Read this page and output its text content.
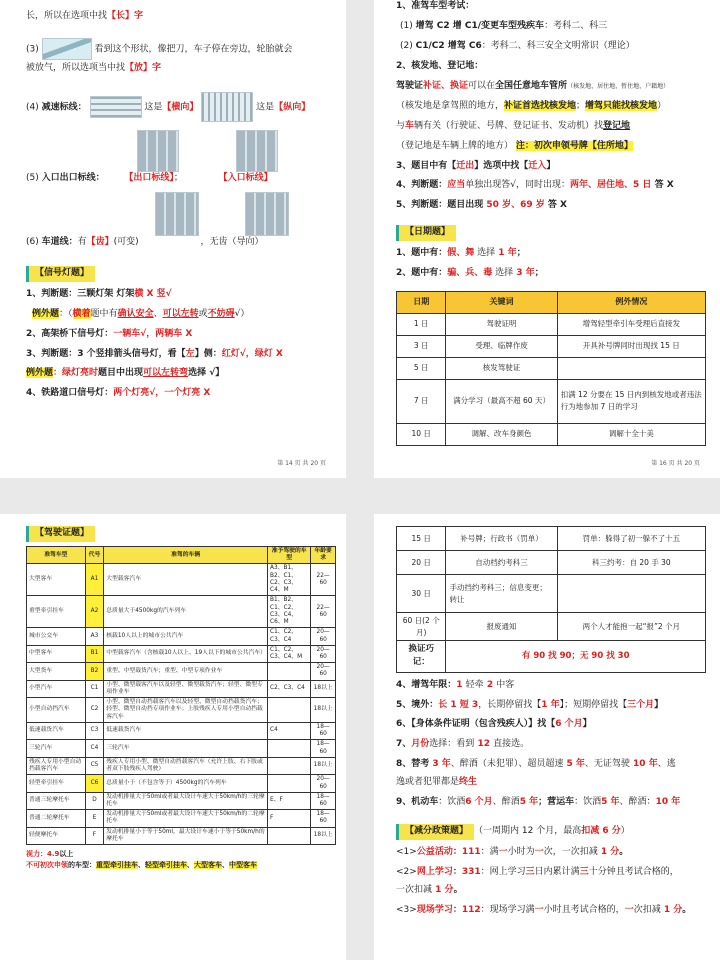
长，所以在选项中找【长】字
(3)	看到这个形状，像把刀，车子停在旁边，轮胎就会
被放气，所以选项当中找【放】字
(4) 减速标线：	这是【横向】	这是【纵向】

(5) 入口出口标线： 【出口标线】；	【入口标线】

(6) 车道线：有【齿】(可变)	，无齿（导向）
【信号灯题】
1、判断题：三颗灯架 灯架横 X 竖√
例外题：（横着题中有确认安全、可以左转或不妨碍√）
2、高架桥下信号灯：一辆车√，两辆车 X
3、判断题：3 个竖排箭头信号灯，看【左】侧：红灯√，绿灯 X
例外题：绿灯亮时题目中出现可以左转弯选择 √】
4、铁路道口信号灯：两个灯亮√，一个灯亮 X
第 14 页 共 20 页
1、准驾车型考试：
(1) 增驾 C2 增 C1/变更车型残疾车：考科二、科三
(2) C1/C2 增驾 C6：考科二、科三安全文明常识（理论）
2、核发地、登记地：
驾驶证补证、换证可以在全国任意地车管所（核发地、居住地、暂住地、户籍地）
（核发地是拿驾照的地方，补证首选找核发地；增驾只能找核发地）
与车辆有关（行驶证、号牌、登记证书、发动机）找登记地
（登记地是车辆上牌的地方） 注：初次申领号牌【住所地】
3、题目中有【迁出】选项中找【迁入】
4、判断题：应当单独出现答√，同时出现：两年、居住地、5 日 答 X
5、判断题：题目出现 50 岁、69 岁 答 X
【日期题】
1、题中有：假、舞 选择 1 年；
2、题中有：骗、兵、毒 选择 3 年；
日期	关键词	例外情况
1 日	驾驶证明	增驾轻型牵引车受理后直接发
3 日	受理、临牌作废	开具补号牌同时出现找 15 日
5 日	核发驾驶证	
7 日	满分学习（最高不超 60 天）	扣满 12 分要在 15 日内到核发地或者违法行为地参加 7 日的学习
10 日	调解、改车身颜色	调解十全十美
第 16 页 共 20 页
【驾驶证题】
准驾车型	代号	准驾的车辆	准予驾驶的车型	年龄要求
大型客车	A1	大型载客汽车	A3、B1、B2、C1、C2、C3、C4、M	22—60
重型牵引挂车	A2	总质量大于4500kg的汽车列车	B1、B2、C1、C2、C3、C4、C6、M	22—60
城市公交车	A3	核载10人以上的城市公共汽车	C1、C2、C3、C4	20—60
中型客车	B1	中型载客汽车（含核载10人以上、19人以下的城市公共汽车）	C1、C2、C3、C4、M	20—60
大型货车	B2	重型、中型载货汽车；重型、中型专项作业车		20—60
小型汽车	C1	小型、微型载客汽车以及轻型、微型载货汽车；轻型、微型专项作业车	C2、C3、C4	18以上
小型自动挡汽车	C2	小型、微型自动挡载客汽车以及轻型、微型自动挡载货汽车；轻型、微型自动挡专项作业车；上肢残疾人专用小型自动挡载客汽车		18以上
低速载货汽车	C3	低速载货汽车	C4	18—60
三轮汽车	C4	三轮汽车		18—60
残疾人专用小型自动挡载客汽车	C5	残疾人专用小型、微型自动挡载客汽车（允许上肢、右下肢或者双下肢残疾人驾驶）		18以上
轻型牵引挂车	C6	总质量小于（不包含等于）4500kg的汽车列车		20—60
普通三轮摩托车	D	发动机排量大于50ml或者最大设计车速大于50km/h的三轮摩托车	E、F	18—60
普通二轮摩托车	E	发动机排量大于50ml或者最大设计车速大于50km/h的二轮摩托车	F	18—60
轻便摩托车	F	发动机排量小于等于50ml，最大设计车速小于等于50km/h的摩托车		18以上
视力：4.9以上
不可初次申领的车型：重型牵引挂车、轻型牵引挂车、大型客车、中型客车
15 日	补号牌；行政书（罚单）	罚单：躲得了初一躲不了十五
20 日	自动档约考科三	科三约考：自 20 手 30
30 日	手动挡约考科三；信息变更；转让	
60 日(2 个月)	报废通知	两个人才能抱一起“报”2 个月
换证巧记：	有 90 找 90；无 90 找 30	
4、增驾年限：1 轻牵 2 中客
5、境外：长 1 短 3，长期停留找【1 年】；短期停留找【三个月】
6、【身体条件证明（包含残疾人）】找【6 个月】
7、月份选择：看到 12 直接选。
8、替考 3 年、醉酒（未犯罪）、超员超速 5 年、无证驾驶 10 年、逃
逸或者犯罪都是终生
9、机动车：饮酒6 个月、醉酒5 年；营运车：饮酒5 年、醉酒：10 年
【减分政策题】 （一周期内 12 个月，最高扣减 6 分）
<1>公益活动：111：满一小时为一次，一次扣减 1 分。
<2>网上学习：331：网上学习三日内累计满三十分钟且考试合格的，
一次扣减 1 分。
<3>现场学习：112：现场学习满一小时且考试合格的，一次扣减 1 分。
